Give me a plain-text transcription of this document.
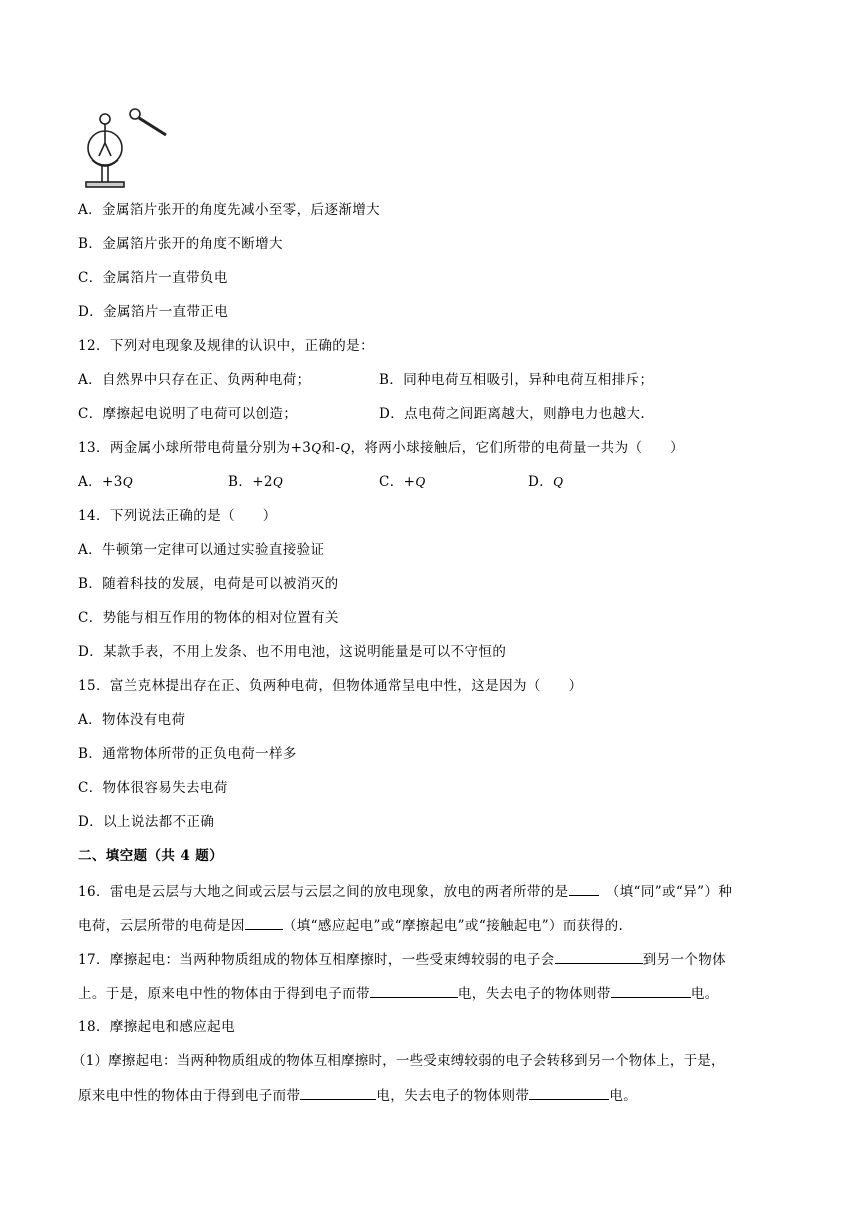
A．金属箔片张开的角度先减小至零，后逐渐增大
B．金属箔片张开的角度不断增大
C．金属箔片一直带负电
D．金属箔片一直带正电
12．下列对电现象及规律的认识中，正确的是：
A．自然界中只存在正、负两种电荷；	B．同种电荷互相吸引，异种电荷互相排斥；
C．摩擦起电说明了电荷可以创造；	D．点电荷之间距离越大，则静电力也越大.
13．两金属小球所带电荷量分别为+3Q和-Q，将两小球接触后，它们所带的电荷量一共为（　　）
A．+3Q	B．+2Q	C．+Q	D．Q
14．下列说法正确的是（　　）
A．牛顿第一定律可以通过实验直接验证
B．随着科技的发展，电荷是可以被消灭的
C．势能与相互作用的物体的相对位置有关
D．某款手表，不用上发条、也不用电池，这说明能量是可以不守恒的
15．富兰克林提出存在正、负两种电荷，但物体通常呈电中性，这是因为（　　）
A．物体没有电荷
B．通常物体所带的正负电荷一样多
C．物体很容易失去电荷
D．以上说法都不正确
二、填空题（共 4 题）
16．雷电是云层与大地之间或云层与云层之间的放电现象，放电的两者所带的是　	（填“同”或“异”）种
电荷，云层所带的电荷是因	（填“感应起电”或“摩擦起电”或“接触起电”）而获得的.
17．摩擦起电：当两种物质组成的物体互相摩擦时，一些受束缚较弱的电子会	到另一个物体
上。于是，原来电中性的物体由于得到电子而带	电，失去电子的物体则带	电。
18．摩擦起电和感应起电
（1）摩擦起电：当两种物质组成的物体互相摩擦时，一些受束缚较弱的电子会转移到另一个物体上，于是，
原来电中性的物体由于得到电子而带	电，失去电子的物体则带	电。
